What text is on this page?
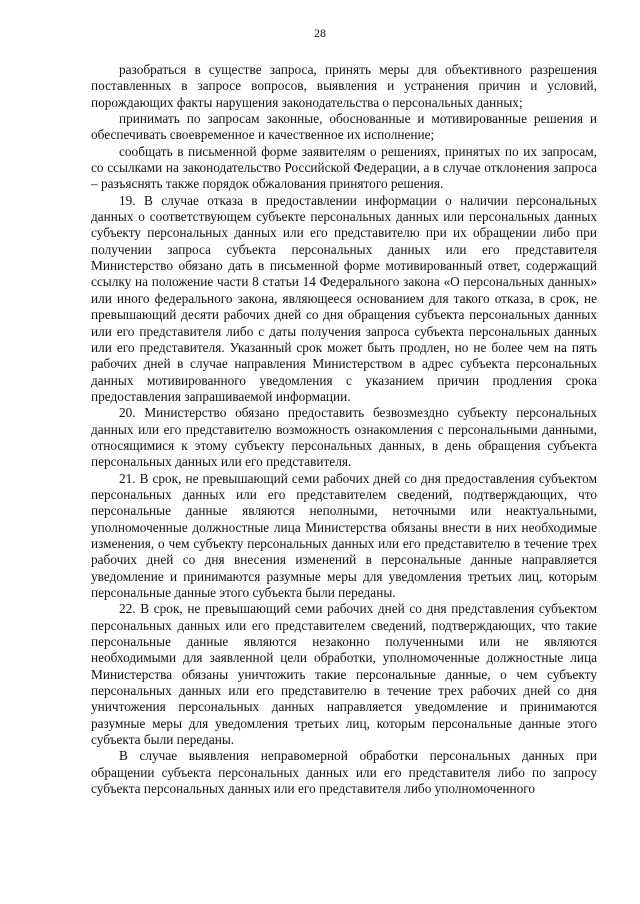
28

разобраться в существе запроса, принять меры для объективного разрешения поставленных в запросе вопросов, выявления и устранения причин и условий, порождающих факты нарушения законодательства о персональных данных;

принимать по запросам законные, обоснованные и мотивированные решения и обеспечивать своевременное и качественное их исполнение;

сообщать в письменной форме заявителям о решениях, принятых по их запросам, со ссылками на законодательство Российской Федерации, а в случае отклонения запроса – разъяснять также порядок обжалования принятого решения.

19. В случае отказа в предоставлении информации о наличии персональных данных о соответствующем субъекте персональных данных или персональных данных субъекту персональных данных или его представителю при их обращении либо при получении запроса субъекта персональных данных или его представителя Министерство обязано дать в письменной форме мотивированный ответ, содержащий ссылку на положение части 8 статьи 14 Федерального закона «О персональных данных» или иного федерального закона, являющееся основанием для такого отказа, в срок, не превышающий десяти рабочих дней со дня обращения субъекта персональных данных или его представителя либо с даты получения запроса субъекта персональных данных или его представителя. Указанный срок может быть продлен, но не более чем на пять рабочих дней в случае направления Министерством в адрес субъекта персональных данных мотивированного уведомления с указанием причин продления срока предоставления запрашиваемой информации.

20. Министерство обязано предоставить безвозмездно субъекту персональных данных или его представителю возможность ознакомления с персональными данными, относящимися к этому субъекту персональных данных, в день обращения субъекта персональных данных или его представителя.

21. В срок, не превышающий семи рабочих дней со дня предоставления субъектом персональных данных или его представителем сведений, подтверждающих, что персональные данные являются неполными, неточными или неактуальными, уполномоченные должностные лица Министерства обязаны внести в них необходимые изменения, о чем субъекту персональных данных или его представителю в течение трех рабочих дней со дня внесения изменений в персональные данные направляется уведомление и принимаются разумные меры для уведомления третьих лиц, которым персональные данные этого субъекта были переданы.

22. В срок, не превышающий семи рабочих дней со дня представления субъектом персональных данных или его представителем сведений, подтверждающих, что такие персональные данные являются незаконно полученными или не являются необходимыми для заявленной цели обработки, уполномоченные должностные лица Министерства обязаны уничтожить такие персональные данные, о чем субъекту персональных данных или его представителю в течение трех рабочих дней со дня уничтожения персональных данных направляется уведомление и принимаются разумные меры для уведомления третьих лиц, которым персональные данные этого субъекта были переданы.

В случае выявления неправомерной обработки персональных данных при обращении субъекта персональных данных или его представителя либо по запросу субъекта персональных данных или его представителя либо уполномоченного
